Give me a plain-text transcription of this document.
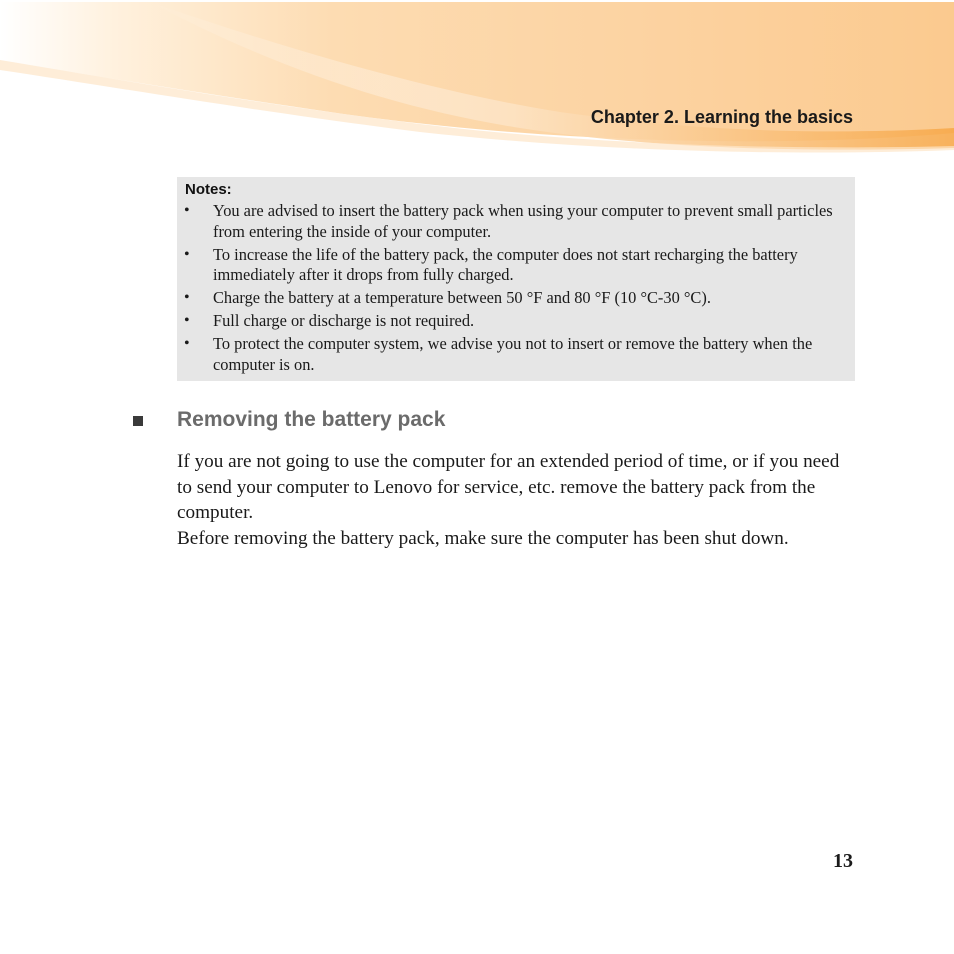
Chapter 2. Learning the basics
Notes:
• You are advised to insert the battery pack when using your computer to prevent small particles from entering the inside of your computer.
• To increase the life of the battery pack, the computer does not start recharging the battery immediately after it drops from fully charged.
• Charge the battery at a temperature between 50 °F and 80 °F (10 °C-30 °C).
• Full charge or discharge is not required.
• To protect the computer system, we advise you not to insert or remove the battery when the computer is on.
Removing the battery pack

If you are not going to use the computer for an extended period of time, or if you need to send your computer to Lenovo for service, etc. remove the battery pack from the computer.

Before removing the battery pack, make sure the computer has been shut down.

13
